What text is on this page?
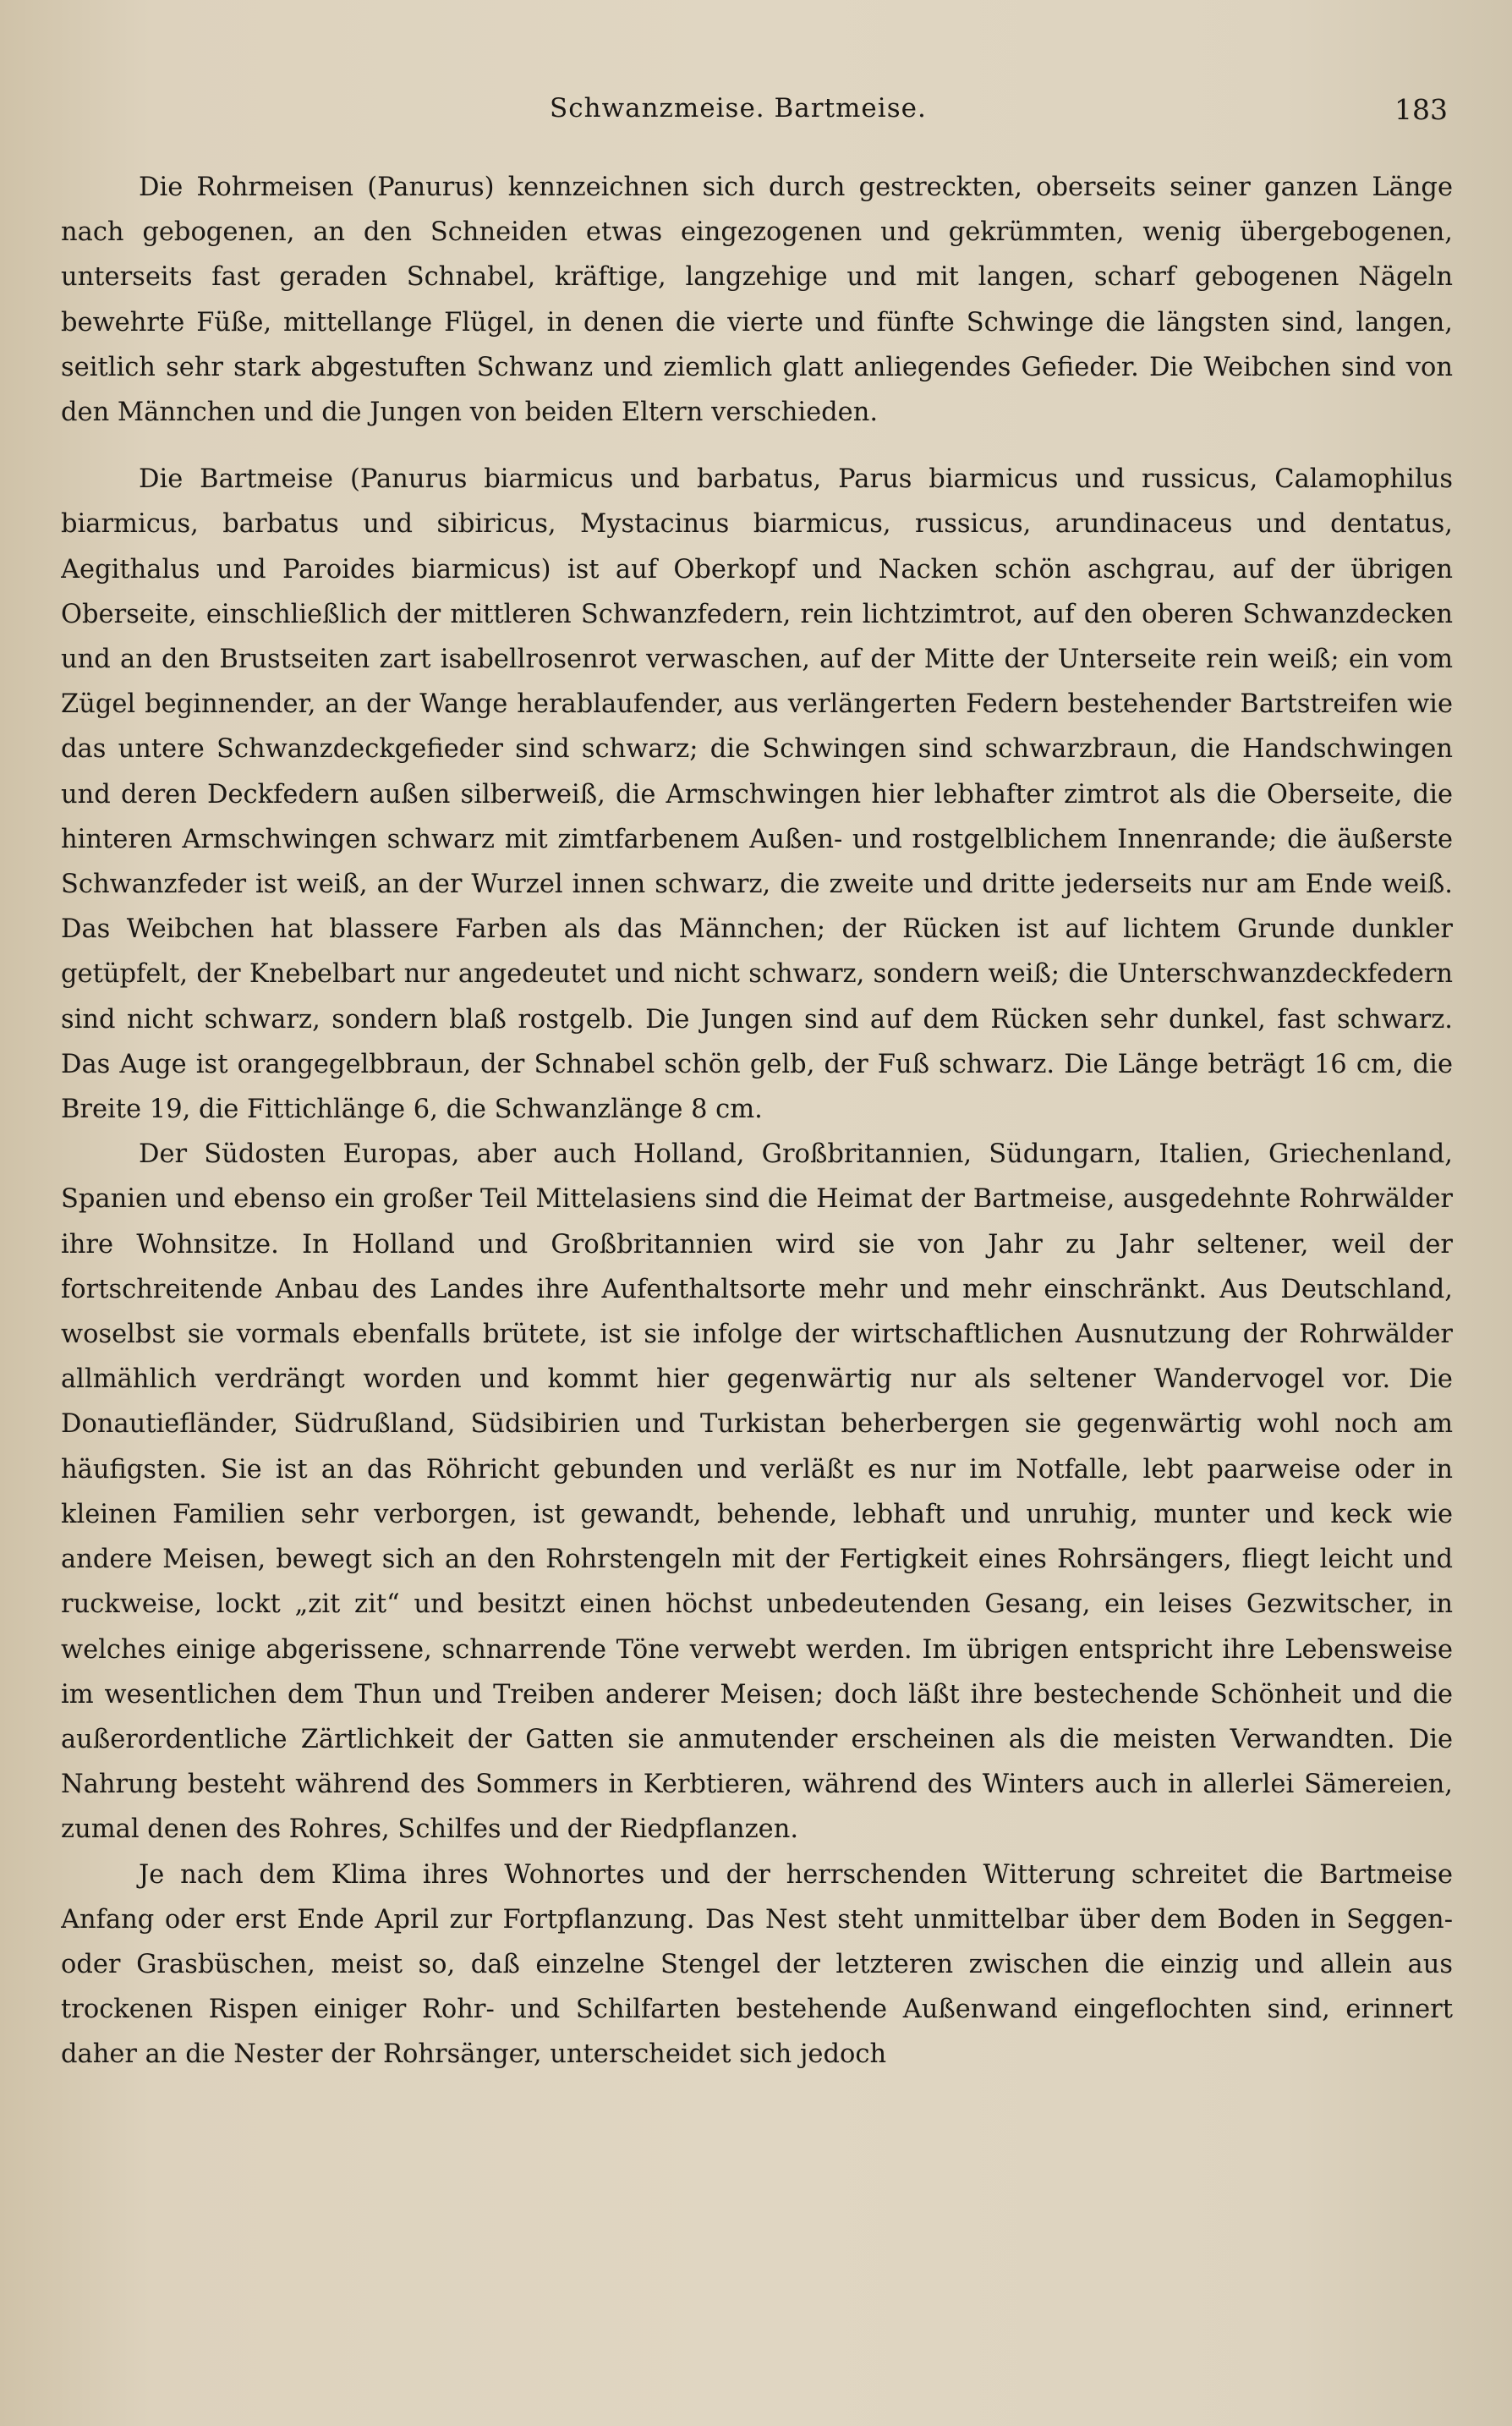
Schwanzmeise. Bartmeise.	183

Die Rohrmeisen (Panurus) kennzeichnen sich durch gestreckten, oberseits seiner ganzen Länge nach gebogenen, an den Schneiden etwas eingezogenen und gekrümmten, wenig übergebogenen, unterseits fast geraden Schnabel, kräftige, langzehige und mit langen, scharf gebogenen Nägeln bewehrte Füße, mittellange Flügel, in denen die vierte und fünfte Schwinge die längsten sind, langen, seitlich sehr stark abgestuften Schwanz und ziemlich glatt anliegendes Gefieder. Die Weibchen sind von den Männchen und die Jungen von beiden Eltern verschieden.

Die Bartmeise (Panurus biarmicus und barbatus, Parus biarmicus und russicus, Calamophilus biarmicus, barbatus und sibiricus, Mystacinus biarmicus, russicus, arundinaceus und dentatus, Aegithalus und Paroides biarmicus) ist auf Oberkopf und Nacken schön aschgrau, auf der übrigen Oberseite, einschließlich der mittleren Schwanzfedern, rein lichtzimtrot, auf den oberen Schwanzdecken und an den Brustseiten zart isabellrosenrot verwaschen, auf der Mitte der Unterseite rein weiß; ein vom Zügel beginnender, an der Wange herablaufender, aus verlängerten Federn bestehender Bartstreifen wie das untere Schwanzdeckgefieder sind schwarz; die Schwingen sind schwarzbraun, die Handschwingen und deren Deckfedern außen silberweiß, die Armschwingen hier lebhafter zimtrot als die Oberseite, die hinteren Armschwingen schwarz mit zimtfarbenem Außen- und rostgelblichem Innenrande; die äußerste Schwanzfeder ist weiß, an der Wurzel innen schwarz, die zweite und dritte jederseits nur am Ende weiß. Das Weibchen hat blassere Farben als das Männchen; der Rücken ist auf lichtem Grunde dunkler getüpfelt, der Knebelbart nur angedeutet und nicht schwarz, sondern weiß; die Unterschwanzdeckfedern sind nicht schwarz, sondern blaß rostgelb. Die Jungen sind auf dem Rücken sehr dunkel, fast schwarz. Das Auge ist orangegelbbraun, der Schnabel schön gelb, der Fuß schwarz. Die Länge beträgt 16 cm, die Breite 19, die Fittichlänge 6, die Schwanzlänge 8 cm.

Der Südosten Europas, aber auch Holland, Großbritannien, Südungarn, Italien, Griechenland, Spanien und ebenso ein großer Teil Mittelasiens sind die Heimat der Bartmeise, ausgedehnte Rohrwälder ihre Wohnsitze. In Holland und Großbritannien wird sie von Jahr zu Jahr seltener, weil der fortschreitende Anbau des Landes ihre Aufenthaltsorte mehr und mehr einschränkt. Aus Deutschland, woselbst sie vormals ebenfalls brütete, ist sie infolge der wirtschaftlichen Ausnutzung der Rohrwälder allmählich verdrängt worden und kommt hier gegenwärtig nur als seltener Wandervogel vor. Die Donautiefländer, Südrußland, Südsibirien und Turkistan beherbergen sie gegenwärtig wohl noch am häufigsten. Sie ist an das Röhricht gebunden und verläßt es nur im Notfalle, lebt paarweise oder in kleinen Familien sehr verborgen, ist gewandt, behende, lebhaft und unruhig, munter und keck wie andere Meisen, bewegt sich an den Rohrstengeln mit der Fertigkeit eines Rohrsängers, fliegt leicht und ruckweise, lockt „zit zit“ und besitzt einen höchst unbedeutenden Gesang, ein leises Gezwitscher, in welches einige abgerissene, schnarrende Töne verwebt werden. Im übrigen entspricht ihre Lebensweise im wesentlichen dem Thun und Treiben anderer Meisen; doch läßt ihre bestechende Schönheit und die außerordentliche Zärtlichkeit der Gatten sie anmutender erscheinen als die meisten Verwandten. Die Nahrung besteht während des Sommers in Kerbtieren, während des Winters auch in allerlei Sämereien, zumal denen des Rohres, Schilfes und der Riedpflanzen.

Je nach dem Klima ihres Wohnortes und der herrschenden Witterung schreitet die Bartmeise Anfang oder erst Ende April zur Fortpflanzung. Das Nest steht unmittelbar über dem Boden in Seggen- oder Grasbüschen, meist so, daß einzelne Stengel der letzteren zwischen die einzig und allein aus trockenen Rispen einiger Rohr- und Schilfarten bestehende Außenwand eingeflochten sind, erinnert daher an die Nester der Rohrsänger, unterscheidet sich jedoch
